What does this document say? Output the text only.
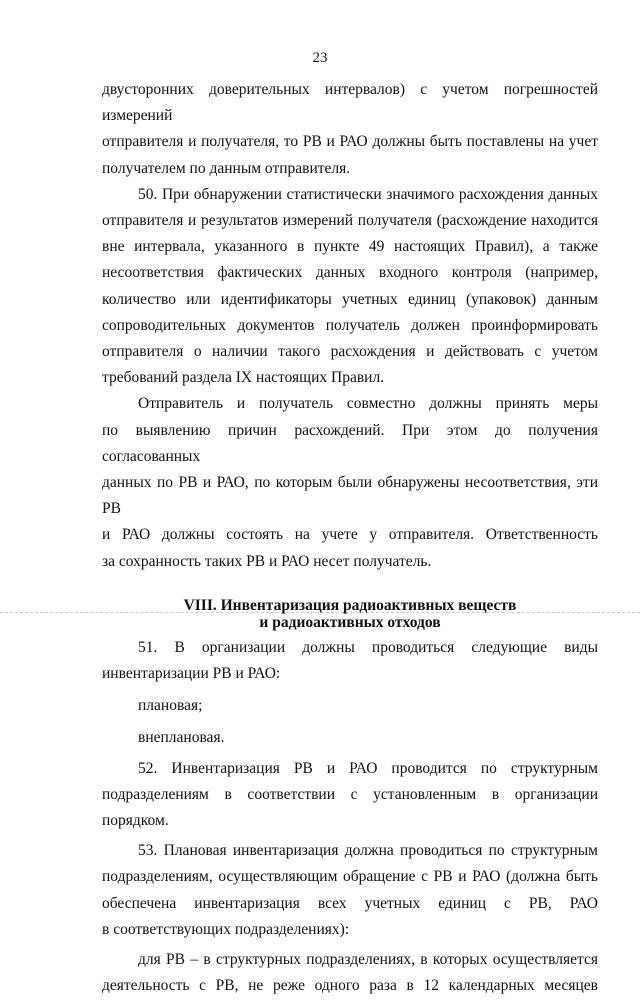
23

двусторонних доверительных интервалов) с учетом погрешностей измерений

отправителя и получателя, то РВ и РАО должны быть поставлены на учет

получателем по данным отправителя.

50. При обнаружении статистически значимого расхождения данных

отправителя и результатов измерений получателя (расхождение находится

вне интервала, указанного в пункте 49 настоящих Правил), а также

несоответствия фактических данных входного контроля (например,

количество или идентификаторы учетных единиц (упаковок) данным

сопроводительных документов получатель должен проинформировать

отправителя о наличии такого расхождения и действовать с учетом

требований раздела IX настоящих Правил.

Отправитель и получатель совместно должны принять меры

по выявлению причин расхождений. При этом до получения согласованных

данных по РВ и РАО, по которым были обнаружены несоответствия, эти РВ

и РАО должны состоять на учете у отправителя. Ответственность

за сохранность таких РВ и РАО несет получатель.

VIII. Инвентаризация радиоактивных веществ
и радиоактивных отходов

51. В организации должны проводиться следующие виды

инвентаризации РВ и РАО:

плановая;

внеплановая.

52. Инвентаризация РВ и РАО проводится по структурным

подразделениям в соответствии с установленным в организации порядком.

53. Плановая инвентаризация должна проводиться по структурным

подразделениям, осуществляющим обращение с РВ и РАО (должна быть

обеспечена инвентаризация всех учетных единиц с РВ, РАО

в соответствующих подразделениях):

для РВ – в структурных подразделениях, в которых осуществляется

деятельность с РВ, не реже одного раза в 12 календарных месяцев
